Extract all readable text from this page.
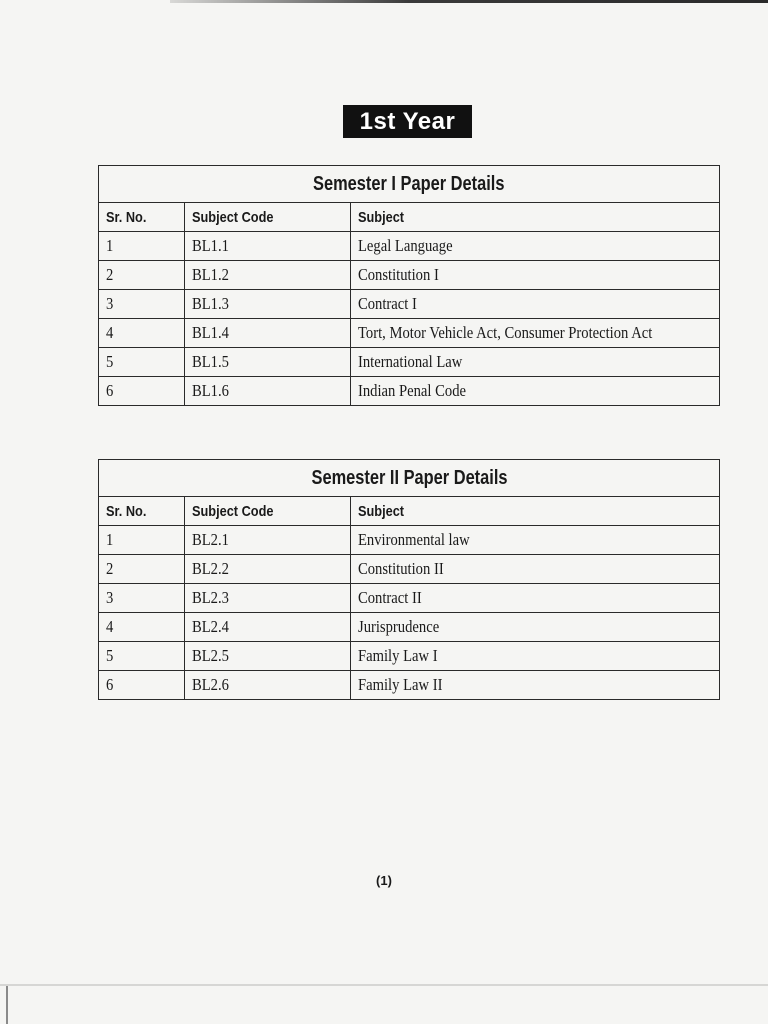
1st Year
Semester I Paper Details		
Sr. No.	Subject Code	Subject
1	BL1.1	Legal Language
2	BL1.2	Constitution I
3	BL1.3	Contract I
4	BL1.4	Tort, Motor Vehicle Act, Consumer Protection Act
5	BL1.5	International Law
6	BL1.6	Indian Penal Code
Semester II Paper Details		
Sr. No.	Subject Code	Subject
1	BL2.1	Environmental law
2	BL2.2	Constitution II
3	BL2.3	Contract II
4	BL2.4	Jurisprudence
5	BL2.5	Family Law I
6	BL2.6	Family Law II
(1)
